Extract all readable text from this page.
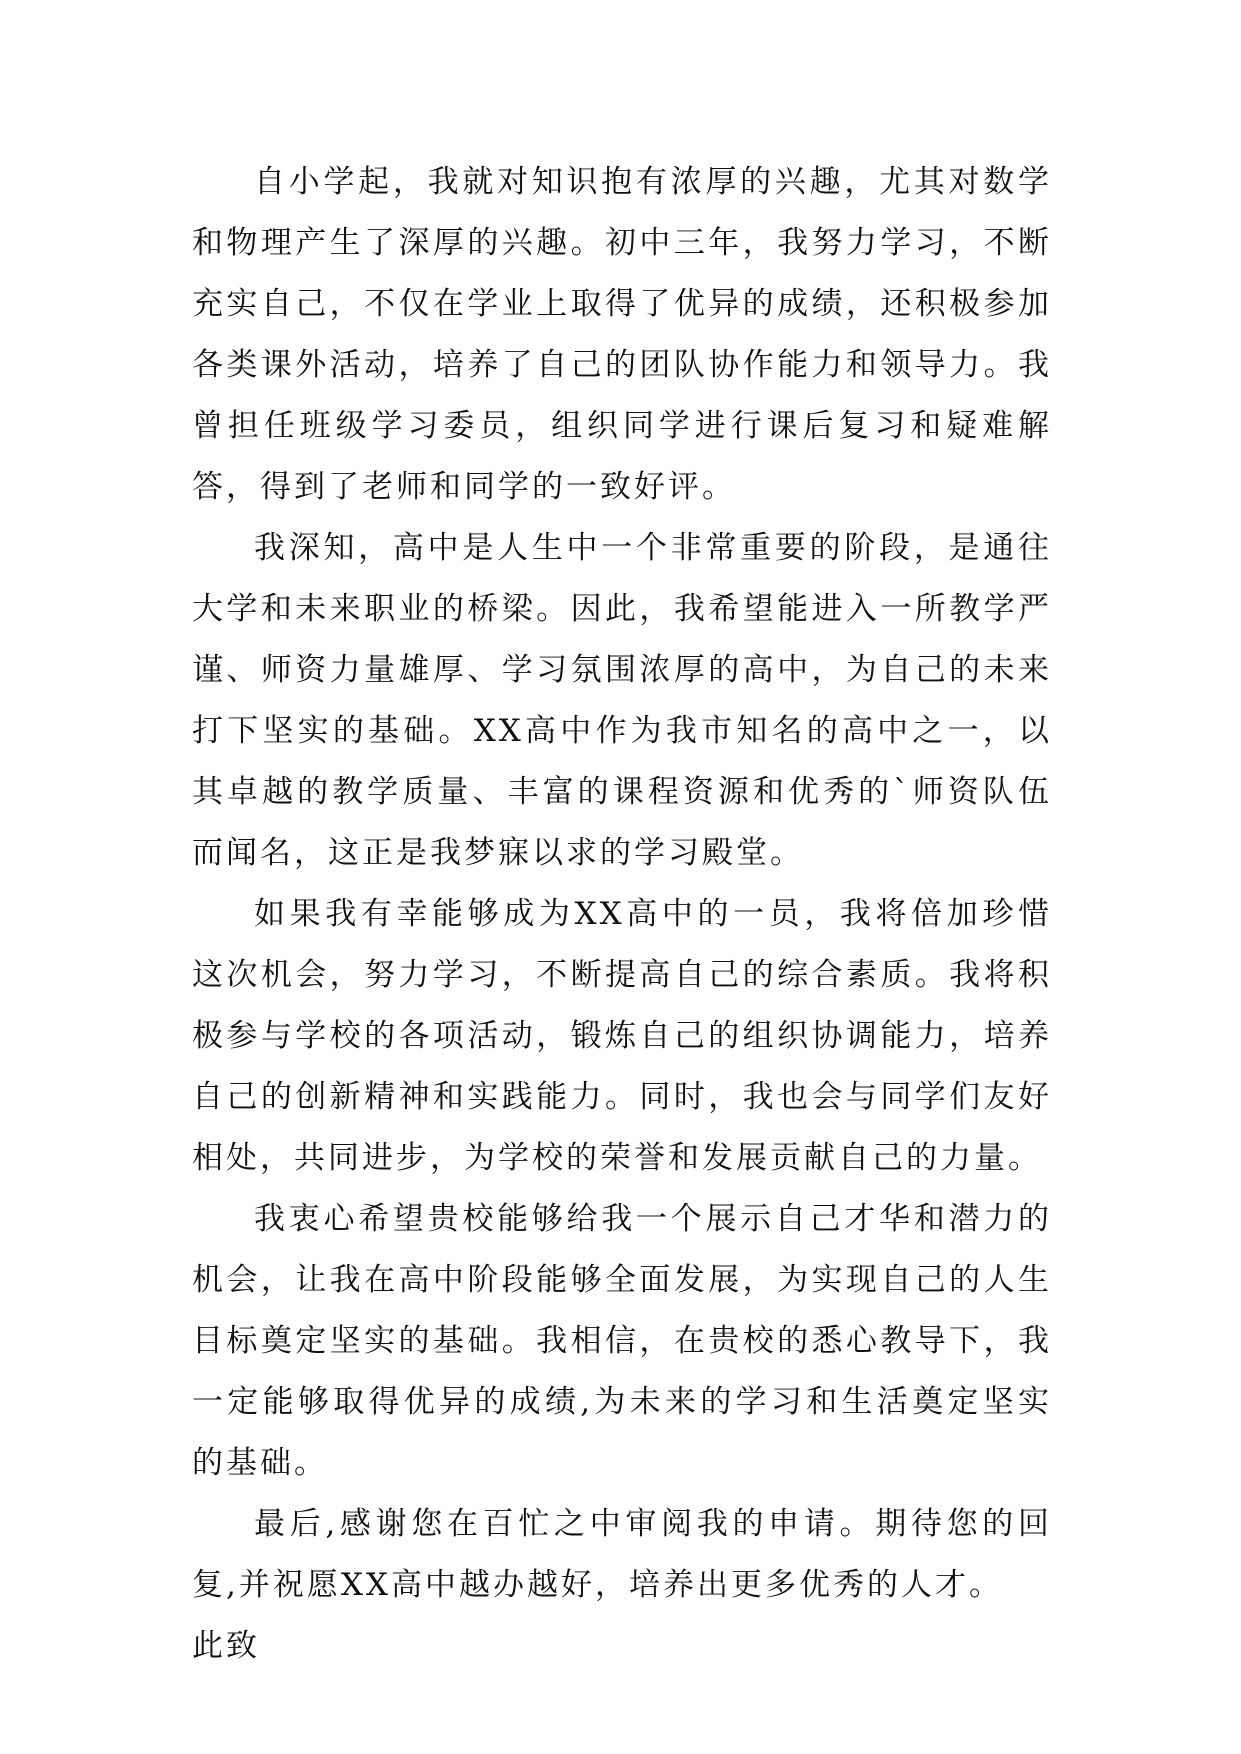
自小学起，我就对知识抱有浓厚的兴趣，尤其对数学和物理产生了深厚的兴趣。初中三年，我努力学习，不断充实自己，不仅在学业上取得了优异的成绩，还积极参加各类课外活动，培养了自己的团队协作能力和领导力。我曾担任班级学习委员，组织同学进行课后复习和疑难解答，得到了老师和同学的一致好评。

我深知，高中是人生中一个非常重要的阶段，是通往大学和未来职业的桥梁。因此，我希望能进入一所教学严谨、师资力量雄厚、学习氛围浓厚的高中，为自己的未来打下坚实的基础。XX高中作为我市知名的高中之一，以其卓越的教学质量、丰富的课程资源和优秀的`师资队伍而闻名，这正是我梦寐以求的学习殿堂。

如果我有幸能够成为XX高中的一员，我将倍加珍惜这次机会，努力学习，不断提高自己的综合素质。我将积极参与学校的各项活动，锻炼自己的组织协调能力，培养自己的创新精神和实践能力。同时，我也会与同学们友好相处，共同进步，为学校的荣誉和发展贡献自己的力量。

我衷心希望贵校能够给我一个展示自己才华和潜力的机会，让我在高中阶段能够全面发展，为实现自己的人生目标奠定坚实的基础。我相信，在贵校的悉心教导下，我一定能够取得优异的成绩,为未来的学习和生活奠定坚实的基础。

最后,感谢您在百忙之中审阅我的申请。期待您的回复,并祝愿XX高中越办越好，培养出更多优秀的人才。

此致
